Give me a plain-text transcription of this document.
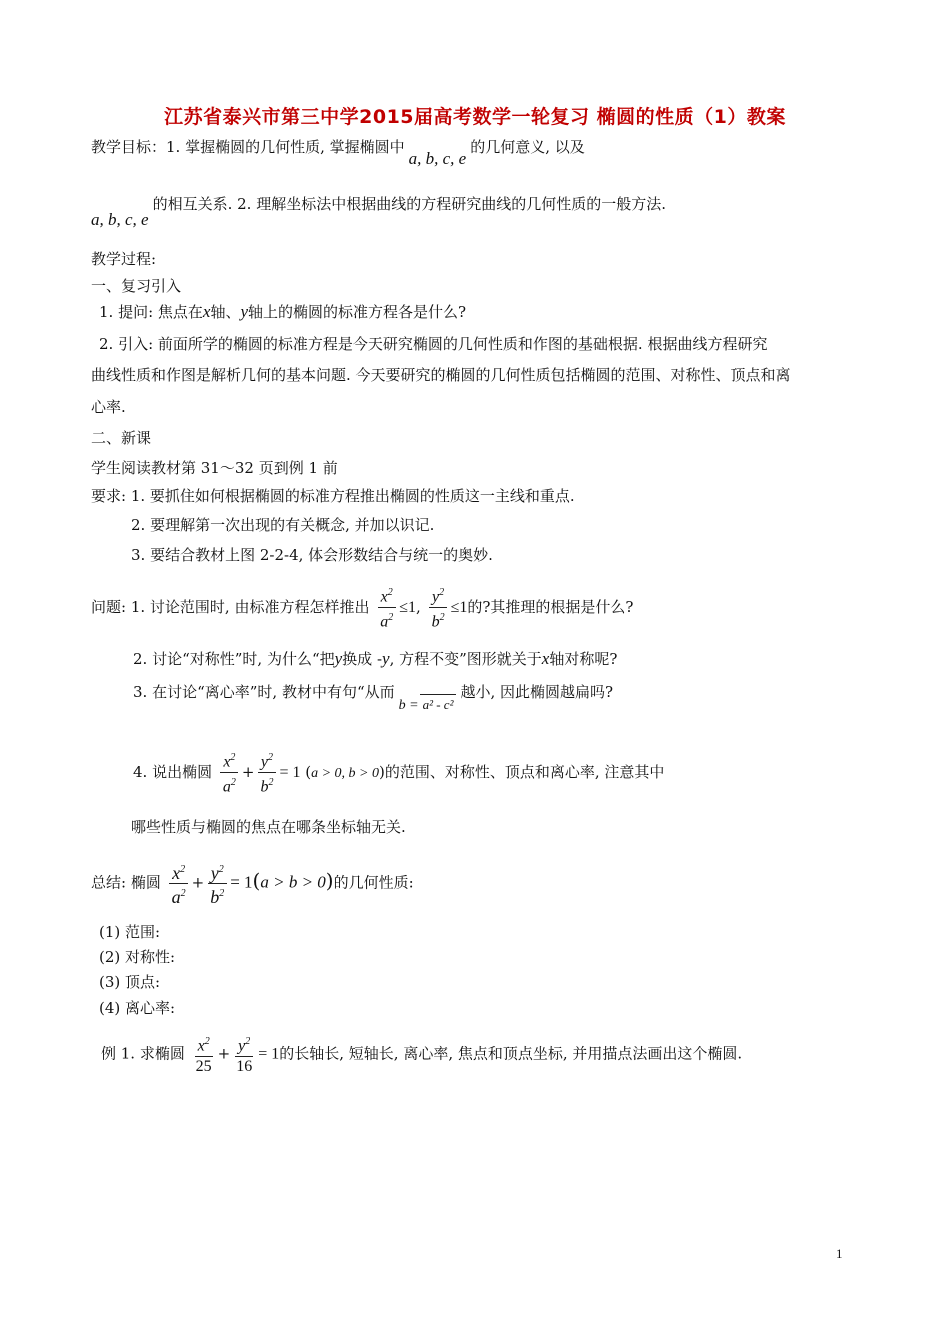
江苏省泰兴市第三中学2015届高考数学一轮复习 椭圆的性质（1）教案
教学目标：1. 掌握椭圆的几何性质, 掌握椭圆中a, b, c, e的几何意义, 以及
a, b, c, e的相互关系. 2. 理解坐标法中根据曲线的方程研究曲线的几何性质的一般方法.
教学过程:
一、复习引入
1. 提问: 焦点在x轴、y轴上的椭圆的标准方程各是什么?
2. 引入: 前面所学的椭圆的标准方程是今天研究椭圆的几何性质和作图的基础根据. 根据曲线方程研究
曲线性质和作图是解析几何的基本问题. 今天要研究的椭圆的几何性质包括椭圆的范围、对称性、顶点和离
心率.
二、新课
学生阅读教材第 31～32 页到例 1 前
要求: 1. 要抓住如何根据椭圆的标准方程推出椭圆的性质这一主线和重点.
2. 要理解第一次出现的有关概念, 并加以识记.
3. 要结合教材上图 2-2-4, 体会形数结合与统一的奥妙.
问题: 1. 讨论范围时, 由标准方程怎样推出 $\frac{x^2}{a^2} \le 1$, $\frac{y^2}{b^2} \le 1$的?其推理的根据是什么?
2. 讨论“对称性”时, 为什么“把y换成 -y, 方程不变”图形就关于x轴对称呢?
3. 在讨论“离心率”时, 教材中有句“从而b = a² - c²越小, 因此椭圆越扁吗?
4. 说出椭圆 $\frac{x^2}{a^2} + \frac{y^2}{b^2} = 1$ (a > 0, b > 0)的范围、对称性、顶点和离心率, 注意其中
哪些性质与椭圆的焦点在哪条坐标轴无关.
总结: 椭圆 $\frac{x^2}{a^2} + \frac{y^2}{b^2} = 1(a > b > 0)$的几何性质:
(1) 范围:
(2) 对称性:
(3) 顶点:
(4) 离心率:
例 1. 求椭圆 $\frac{x^2}{25} + \frac{y^2}{16} = 1$的长轴长, 短轴长, 离心率, 焦点和顶点坐标, 并用描点法画出这个椭圆.
1
